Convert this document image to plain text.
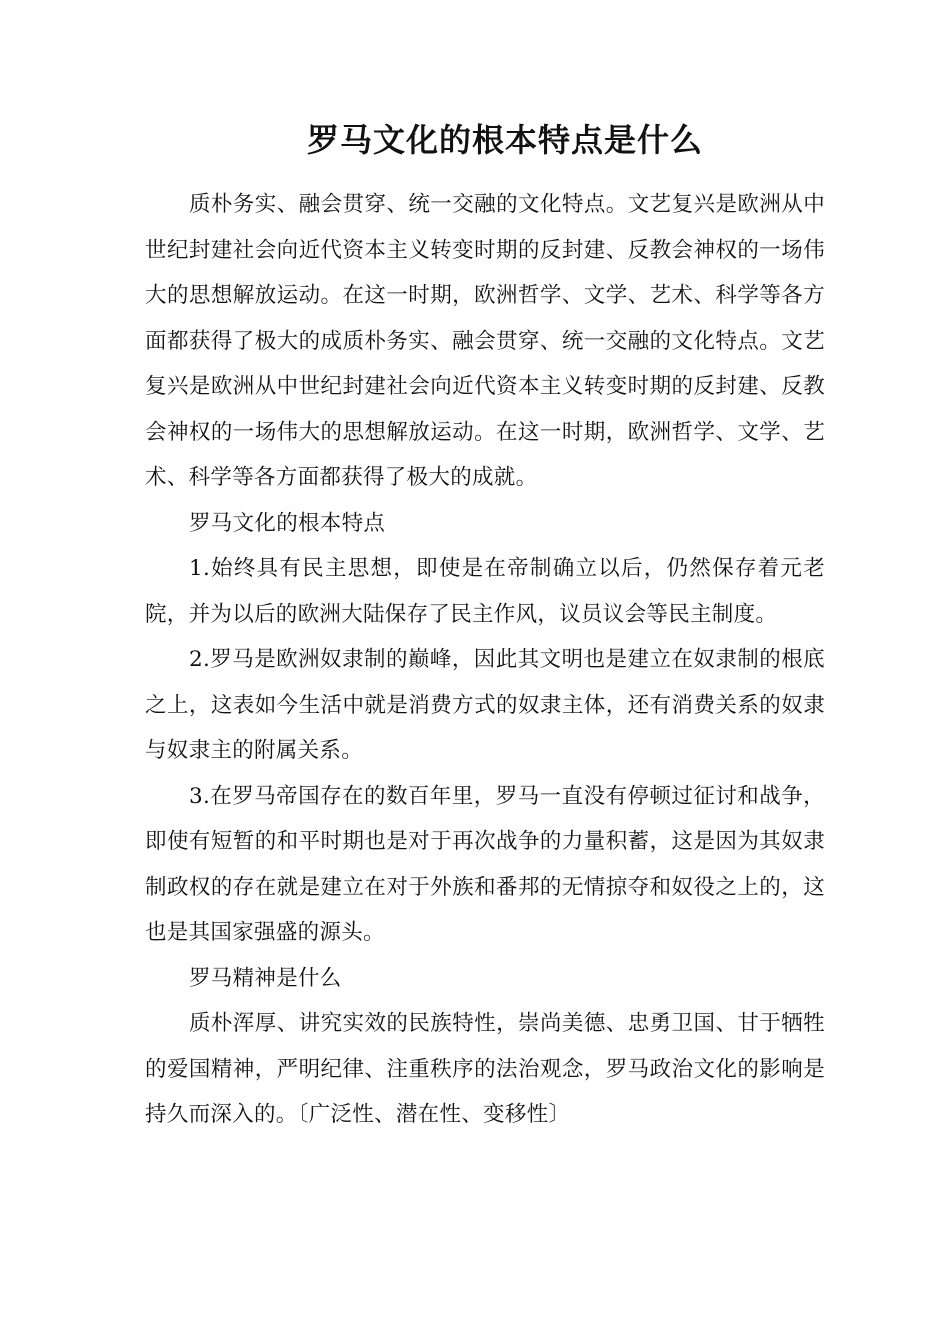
罗马文化的根本特点是什么

质朴务实、融会贯穿、统一交融的文化特点。文艺复兴是欧洲从中世纪封建社会向近代资本主义转变时期的反封建、反教会神权的一场伟大的思想解放运动。在这一时期，欧洲哲学、文学、艺术、科学等各方面都获得了极大的成质朴务实、融会贯穿、统一交融的文化特点。文艺复兴是欧洲从中世纪封建社会向近代资本主义转变时期的反封建、反教会神权的一场伟大的思想解放运动。在这一时期，欧洲哲学、文学、艺术、科学等各方面都获得了极大的成就。

罗马文化的根本特点

1.始终具有民主思想，即使是在帝制确立以后，仍然保存着元老院，并为以后的欧洲大陆保存了民主作风，议员议会等民主制度。

2.罗马是欧洲奴隶制的巅峰，因此其文明也是建立在奴隶制的根底之上，这表如今生活中就是消费方式的奴隶主体，还有消费关系的奴隶与奴隶主的附属关系。

3.在罗马帝国存在的数百年里，罗马一直没有停顿过征讨和战争，即使有短暂的和平时期也是对于再次战争的力量积蓄，这是因为其奴隶制政权的存在就是建立在对于外族和番邦的无情掠夺和奴役之上的，这也是其国家强盛的源头。

罗马精神是什么

质朴浑厚、讲究实效的民族特性，崇尚美德、忠勇卫国、甘于牺牲的爱国精神，严明纪律、注重秩序的法治观念，罗马政治文化的影响是持久而深入的。〔广泛性、潜在性、变移性〕
